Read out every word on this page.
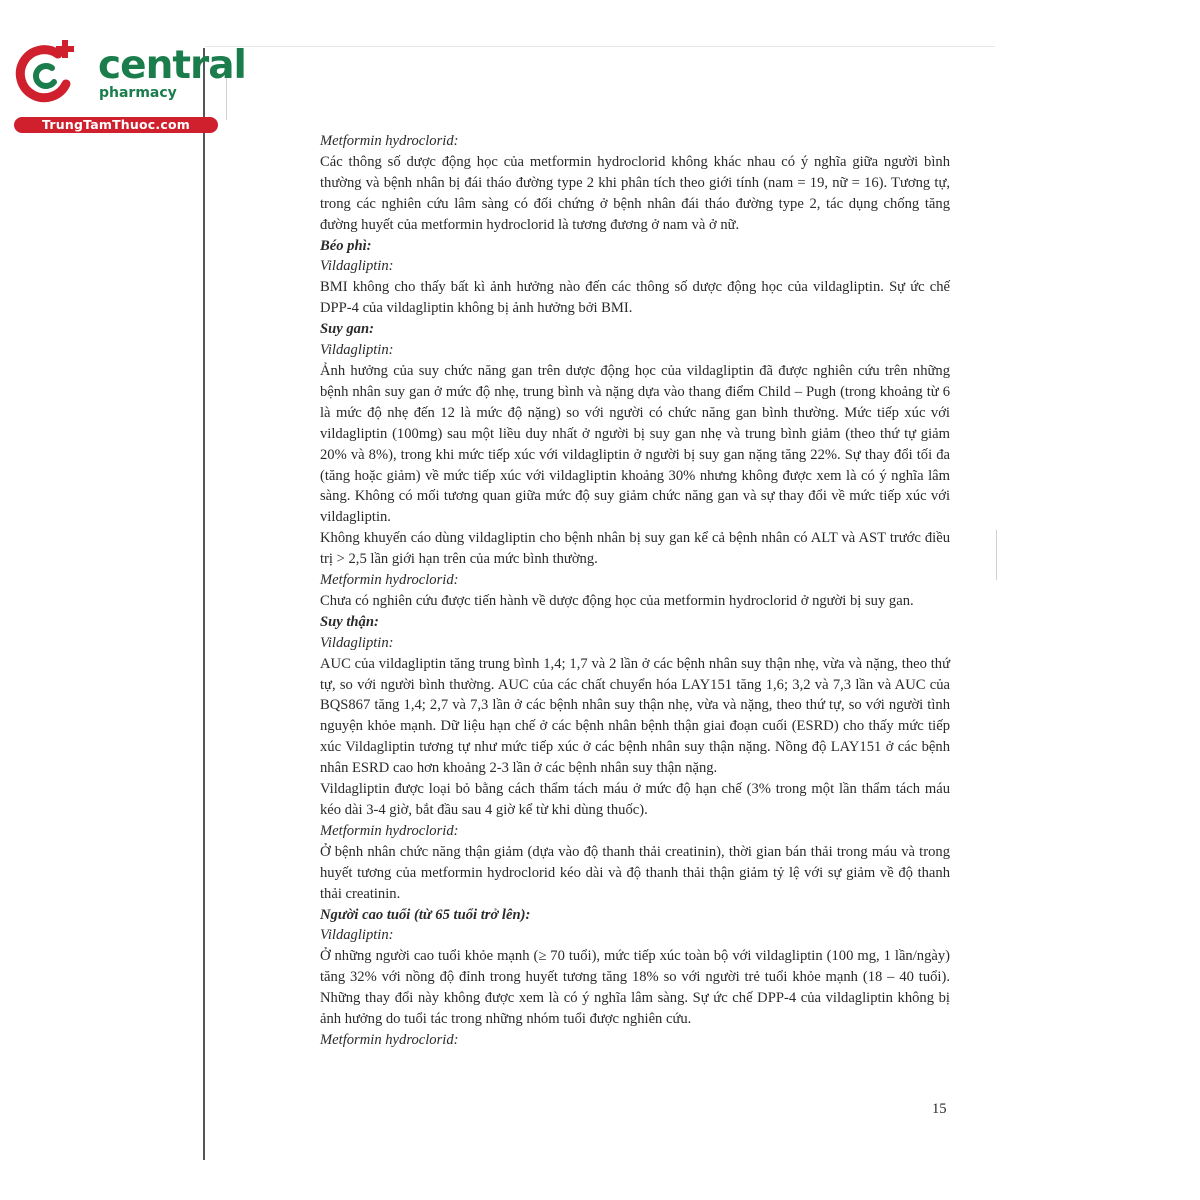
central
pharmacy
TrungTamThuoc.com

Metformin hydroclorid:

Các thông số dược động học của metformin hydroclorid không khác nhau có ý nghĩa giữa người bình thường và bệnh nhân bị đái tháo đường type 2 khi phân tích theo giới tính (nam = 19, nữ = 16). Tương tự, trong các nghiên cứu lâm sàng có đối chứng ở bệnh nhân đái tháo đường type 2, tác dụng chống tăng đường huyết của metformin hydroclorid là tương đương ở nam và ở nữ.

Béo phì:

Vildagliptin:

BMI không cho thấy bất kì ảnh hưởng nào đến các thông số dược động học của vildagliptin. Sự ức chế DPP-4 của vildagliptin không bị ảnh hưởng bởi BMI.

Suy gan:

Vildagliptin:

Ảnh hưởng của suy chức năng gan trên dược động học của vildagliptin đã được nghiên cứu trên những bệnh nhân suy gan ở mức độ nhẹ, trung bình và nặng dựa vào thang điểm Child – Pugh (trong khoảng từ 6 là mức độ nhẹ đến 12 là mức độ nặng) so với người có chức năng gan bình thường. Mức tiếp xúc với vildagliptin (100mg) sau một liều duy nhất ở người bị suy gan nhẹ và trung bình giảm (theo thứ tự giảm 20% và 8%), trong khi mức tiếp xúc với vildagliptin ở người bị suy gan nặng tăng 22%. Sự thay đổi tối đa (tăng hoặc giảm) về mức tiếp xúc với vildagliptin khoảng 30% nhưng không được xem là có ý nghĩa lâm sàng. Không có mối tương quan giữa mức độ suy giảm chức năng gan và sự thay đổi về mức tiếp xúc với vildagliptin.

Không khuyến cáo dùng vildagliptin cho bệnh nhân bị suy gan kể cả bệnh nhân có ALT và AST trước điều trị > 2,5 lần giới hạn trên của mức bình thường.

Metformin hydroclorid:

Chưa có nghiên cứu được tiến hành về dược động học của metformin hydroclorid ở người bị suy gan.

Suy thận:

Vildagliptin:

AUC của vildagliptin tăng trung bình 1,4; 1,7 và 2 lần ở các bệnh nhân suy thận nhẹ, vừa và nặng, theo thứ tự, so với người bình thường. AUC của các chất chuyển hóa LAY151 tăng 1,6; 3,2 và 7,3 lần và AUC của BQS867 tăng 1,4; 2,7 và 7,3 lần ở các bệnh nhân suy thận nhẹ, vừa và nặng, theo thứ tự, so với người tình nguyện khỏe mạnh. Dữ liệu hạn chế ở các bệnh nhân bệnh thận giai đoạn cuối (ESRD) cho thấy mức tiếp xúc Vildagliptin tương tự như mức tiếp xúc ở các bệnh nhân suy thận nặng. Nồng độ LAY151 ở các bệnh nhân ESRD cao hơn khoảng 2-3 lần ở các bệnh nhân suy thận nặng.

Vildagliptin được loại bỏ bằng cách thẩm tách máu ở mức độ hạn chế (3% trong một lần thẩm tách máu kéo dài 3-4 giờ, bắt đầu sau 4 giờ kể từ khi dùng thuốc).

Metformin hydroclorid:

Ở bệnh nhân chức năng thận giảm (dựa vào độ thanh thải creatinin), thời gian bán thải trong máu và trong huyết tương của metformin hydroclorid kéo dài và độ thanh thải thận giảm tỷ lệ với sự giảm về độ thanh thải creatinin.

Người cao tuổi (từ 65 tuổi trở lên):

Vildagliptin:

Ở những người cao tuổi khỏe mạnh (≥ 70 tuổi), mức tiếp xúc toàn bộ với vildagliptin (100 mg, 1 lần/ngày) tăng 32% với nồng độ đỉnh trong huyết tương tăng 18% so với người trẻ tuổi khỏe mạnh (18 – 40 tuổi). Những thay đổi này không được xem là có ý nghĩa lâm sàng. Sự ức chế DPP-4 của vildagliptin không bị ảnh hưởng do tuổi tác trong những nhóm tuổi được nghiên cứu.

Metformin hydroclorid:

15
